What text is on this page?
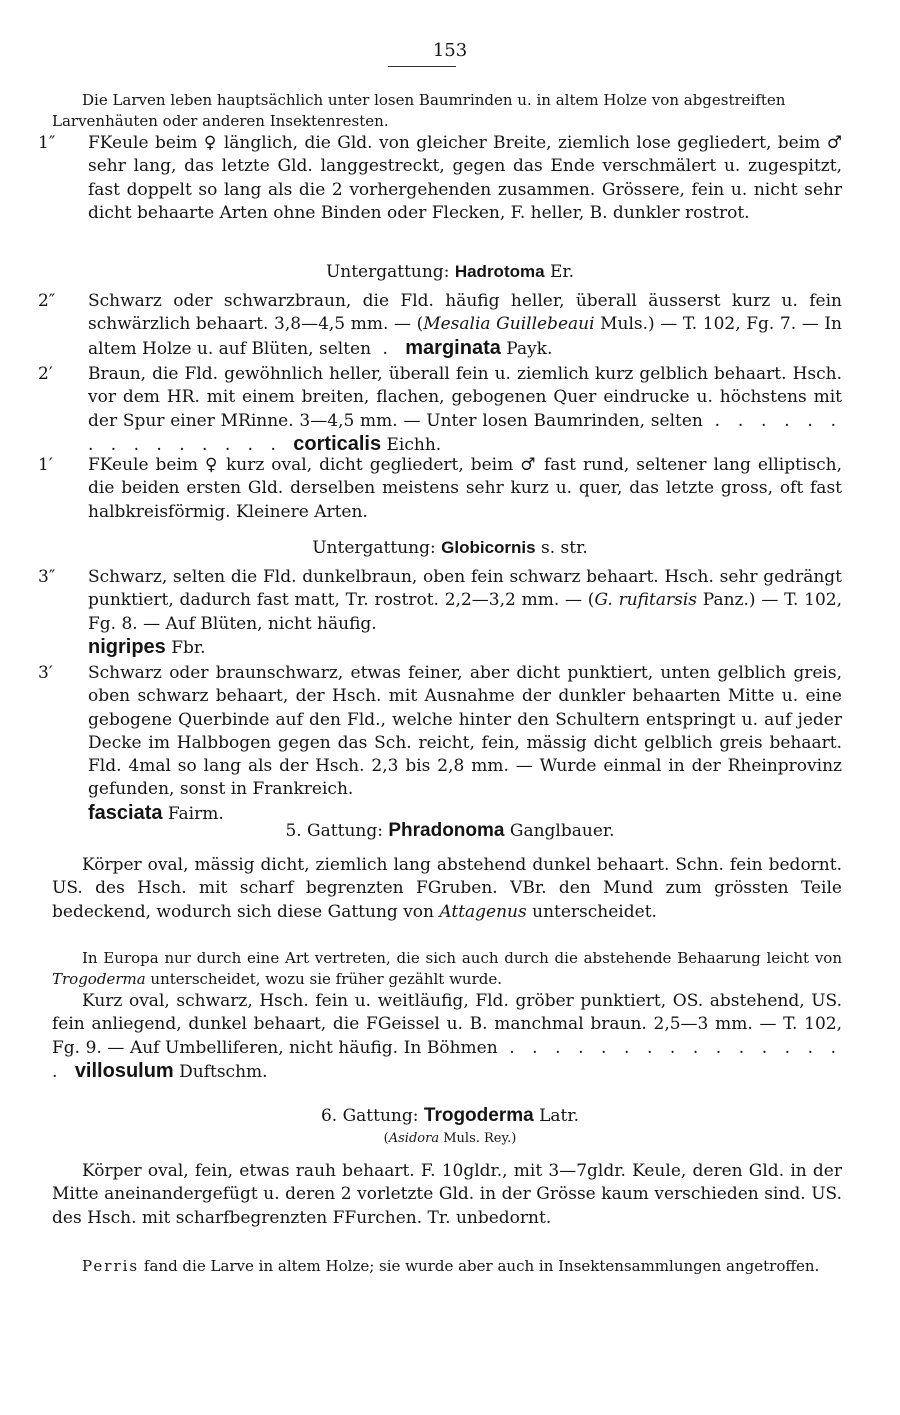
153
Die Larven leben hauptsächlich unter losen Baumrinden u. in altem Holze von abgestreiften Larvenhäuten oder anderen Insektenresten.
1″	FKeule beim ♀ länglich, die Gld. von gleicher Breite, ziemlich lose gegliedert, beim ♂ sehr lang, das letzte Gld. langgestreckt, gegen das Ende verschmälert u. zugespitzt, fast doppelt so lang als die 2 vorhergehenden zusammen. Grössere, fein u. nicht sehr dicht behaarte Arten ohne Binden oder Flecken, F. heller, B. dunkler rostrot.
Untergattung: Hadrotoma Er.
2″	Schwarz oder schwarzbraun, die Fld. häufig heller, überall äusserst kurz u. fein schwärzlich behaart. 3,8—4,5 mm. — (Mesalia Guillebeaui Muls.) — T. 102, Fg. 7. — In altem Holze u. auf Blüten, selten . marginata Payk.
2′	Braun, die Fld. gewöhnlich heller, überall fein u. ziemlich kurz gelblich behaart. Hsch. vor dem HR. mit einem breiten, flachen, gebogenen Quer eindrucke u. höchstens mit der Spur einer MRinne. 3—4,5 mm. — Unter losen Baumrinden, selten . . . . . . . . . . . . . . . corticalis Eichh.
1′	FKeule beim ♀ kurz oval, dicht gegliedert, beim ♂ fast rund, seltener lang elliptisch, die beiden ersten Gld. derselben meistens sehr kurz u. quer, das letzte gross, oft fast halbkreisförmig. Kleinere Arten.
Untergattung: Globicornis s. str.
3″	Schwarz, selten die Fld. dunkelbraun, oben fein schwarz behaart. Hsch. sehr gedrängt punktiert, dadurch fast matt, Tr. rostrot. 2,2—3,2 mm. — (G. rufitarsis Panz.) — T. 102, Fg. 8. — Auf Blüten, nicht häufig.
nigripes Fbr.
3′	Schwarz oder braunschwarz, etwas feiner, aber dicht punktiert, unten gelblich greis, oben schwarz behaart, der Hsch. mit Ausnahme der dunkler behaarten Mitte u. eine gebogene Querbinde auf den Fld., welche hinter den Schultern entspringt u. auf jeder Decke im Halbbogen gegen das Sch. reicht, fein, mässig dicht gelblich greis behaart. Fld. 4mal so lang als der Hsch. 2,3 bis 2,8 mm. — Wurde einmal in der Rheinprovinz gefunden, sonst in Frankreich.
fasciata Fairm.
5. Gattung: Phradonoma Ganglbauer.
Körper oval, mässig dicht, ziemlich lang abstehend dunkel behaart. Schn. fein bedornt. US. des Hsch. mit scharf begrenzten FGruben. VBr. den Mund zum grössten Teile bedeckend, wodurch sich diese Gattung von Attagenus unterscheidet.
In Europa nur durch eine Art vertreten, die sich auch durch die abstehende Behaarung leicht von Trogoderma unterscheidet, wozu sie früher gezählt wurde.
Kurz oval, schwarz, Hsch. fein u. weitläufig, Fld. gröber punktiert, OS. abstehend, US. fein anliegend, dunkel behaart, die FGeissel u. B. manchmal braun. 2,5—3 mm. — T. 102, Fg. 9. — Auf Umbelliferen, nicht häufig. In Böhmen . . . . . . . . . . . . . . . . villosulum Duftschm.
6. Gattung: Trogoderma Latr.
(Asidora Muls. Rey.)
Körper oval, fein, etwas rauh behaart. F. 10gldr., mit 3—7gldr. Keule, deren Gld. in der Mitte aneinandergefügt u. deren 2 vorletzte Gld. in der Grösse kaum verschieden sind. US. des Hsch. mit scharfbegrenzten FFurchen. Tr. unbedornt.
Perris fand die Larve in altem Holze; sie wurde aber auch in Insektensammlungen angetroffen.
